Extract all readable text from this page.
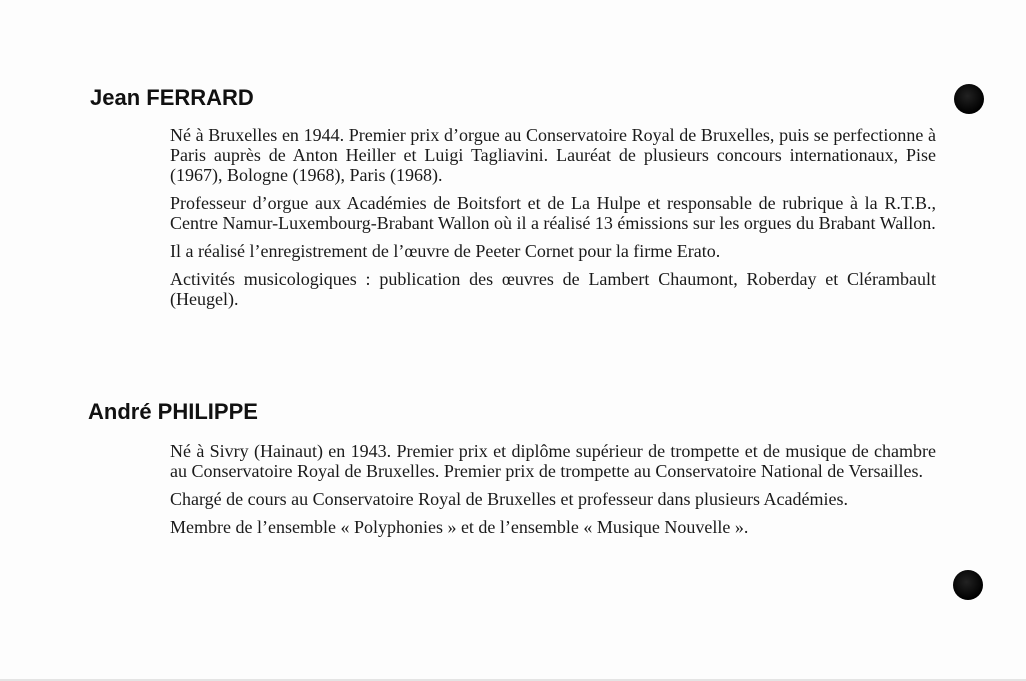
Jean FERRARD

Né à Bruxelles en 1944. Premier prix d’orgue au Conservatoire Royal de Bruxelles, puis se perfectionne à Paris auprès de Anton Heiller et Luigi Tagliavini. Lauréat de plusieurs concours internationaux, Pise (1967), Bologne (1968), Paris (1968).

Professeur d’orgue aux Académies de Boitsfort et de La Hulpe et responsable de rubrique à la R.T.B., Centre Namur-Luxembourg-Brabant Wallon où il a réalisé 13 émissions sur les orgues du Brabant Wallon.

Il a réalisé l’enregistrement de l’œuvre de Peeter Cornet pour la firme Erato.

Activités musicologiques : publication des œuvres de Lambert Chaumont, Roberday et Clérambault (Heugel).

André PHILIPPE

Né à Sivry (Hainaut) en 1943. Premier prix et diplôme supérieur de trompette et de musique de chambre au Conservatoire Royal de Bruxelles. Premier prix de trompette au Conservatoire National de Versailles.

Chargé de cours au Conservatoire Royal de Bruxelles et professeur dans plusieurs Académies.

Membre de l’ensemble « Polyphonies » et de l’ensemble « Musique Nouvelle ».
